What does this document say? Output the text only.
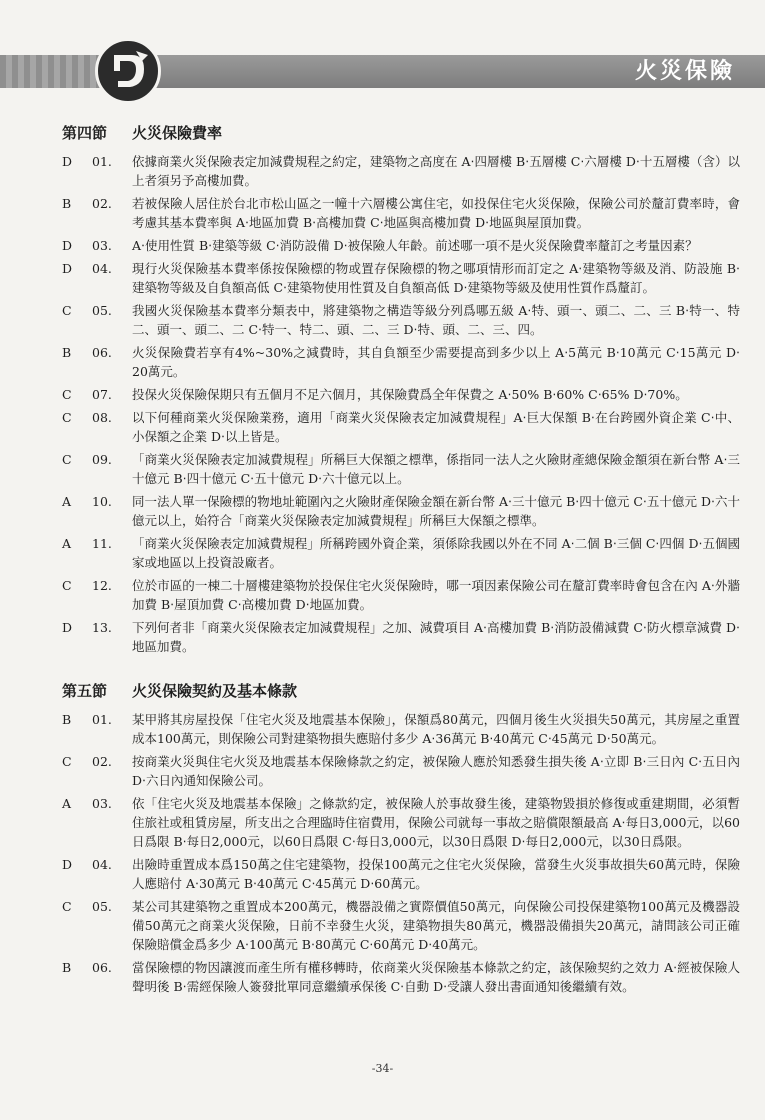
火災保險
第四節 火災保險費率
D	01.	依據商業火災保險表定加減費規程之約定，建築物之高度在 A‧四層樓 B‧五層樓 C‧六層樓 D‧十五層樓（含）以上者須另予高樓加費。
B	02.	若被保險人居住於台北市松山區之一幢十六層樓公寓住宅，如投保住宅火災保險，保險公司於釐訂費率時，會考慮其基本費率與 A‧地區加費 B‧高樓加費 C‧地區與高樓加費 D‧地區與屋頂加費。
D	03.	A‧使用性質 B‧建築等級 C‧消防設備 D‧被保險人年齡。前述哪一項不是火災保險費率釐訂之考量因素？
D	04.	現行火災保險基本費率係按保險標的物或置存保險標的物之哪項情形而訂定之 A‧建築物等級及消、防設施 B‧建築物等級及自負額高低 C‧建築物使用性質及自負額高低 D‧建築物等級及使用性質作爲釐訂。
C	05.	我國火災保險基本費率分類表中，將建築物之構造等級分列爲哪五級 A‧特、頭一、頭二、二、三 B‧特一、特二、頭一、頭二、二 C‧特一、特二、頭、二、三 D‧特、頭、二、三、四。
B	06.	火災保險費若享有4%~30%之減費時，其自負額至少需要提高到多少以上 A‧5萬元 B‧10萬元 C‧15萬元 D‧20萬元。
C	07.	投保火災保險保期只有五個月不足六個月，其保險費爲全年保費之 A‧50% B‧60% C‧65% D‧70%。
C	08.	以下何種商業火災保險業務，適用「商業火災保險表定加減費規程」A‧巨大保額 B‧在台跨國外資企業 C‧中、小保額之企業 D‧以上皆是。
C	09.	「商業火災保險表定加減費規程」所稱巨大保額之標準，係指同一法人之火險財產總保險金額須在新台幣 A‧三十億元 B‧四十億元 C‧五十億元 D‧六十億元以上。
A	10.	同一法人單一保險標的物地址範圍內之火險財產保險金額在新台幣 A‧三十億元 B‧四十億元 C‧五十億元 D‧六十億元以上，始符合「商業火災保險表定加減費規程」所稱巨大保額之標準。
A	11.	「商業火災保險表定加減費規程」所稱跨國外資企業，須係除我國以外在不同 A‧二個 B‧三個 C‧四個 D‧五個國家或地區以上投資設廠者。
C	12.	位於市區的一棟二十層樓建築物於投保住宅火災保險時，哪一項因素保險公司在釐訂費率時會包含在內 A‧外牆加費 B‧屋頂加費 C‧高樓加費 D‧地區加費。
D	13.	下列何者非「商業火災保險表定加減費規程」之加、減費項目 A‧高樓加費 B‧消防設備減費 C‧防火標章減費 D‧地區加費。
第五節 火災保險契約及基本條款
B	01.	某甲將其房屋投保「住宅火災及地震基本保險」，保額爲80萬元，四個月後生火災損失50萬元，其房屋之重置成本100萬元，則保險公司對建築物損失應賠付多少 A‧36萬元 B‧40萬元 C‧45萬元 D‧50萬元。
C	02.	按商業火災與住宅火災及地震基本保險條款之約定，被保險人應於知悉發生損失後 A‧立即 B‧三日內 C‧五日內 D‧六日內通知保險公司。
A	03.	依「住宅火災及地震基本保險」之條款約定，被保險人於事故發生後，建築物毀損於修復或重建期間，必須暫住旅社或租賃房屋，所支出之合理臨時住宿費用，保險公司就每一事故之賠償限額最高 A‧每日3,000元，以60日爲限 B‧每日2,000元，以60日爲限 C‧每日3,000元，以30日爲限 D‧每日2,000元，以30日爲限。
D	04.	出險時重置成本爲150萬之住宅建築物，投保100萬元之住宅火災保險，當發生火災事故損失60萬元時，保險人應賠付 A‧30萬元 B‧40萬元 C‧45萬元 D‧60萬元。
C	05.	某公司其建築物之重置成本200萬元，機器設備之實際價值50萬元，向保險公司投保建築物100萬元及機器設備50萬元之商業火災保險，日前不幸發生火災，建築物損失80萬元，機器設備損失20萬元，請問該公司正確保險賠償金爲多少 A‧100萬元 B‧80萬元 C‧60萬元 D‧40萬元。
B	06.	當保險標的物因讓渡而產生所有權移轉時，依商業火災保險基本條款之約定，該保險契約之效力 A‧經被保險人聲明後 B‧需經保險人簽發批單同意繼續承保後 C‧自動 D‧受讓人發出書面通知後繼續有效。
-34-
